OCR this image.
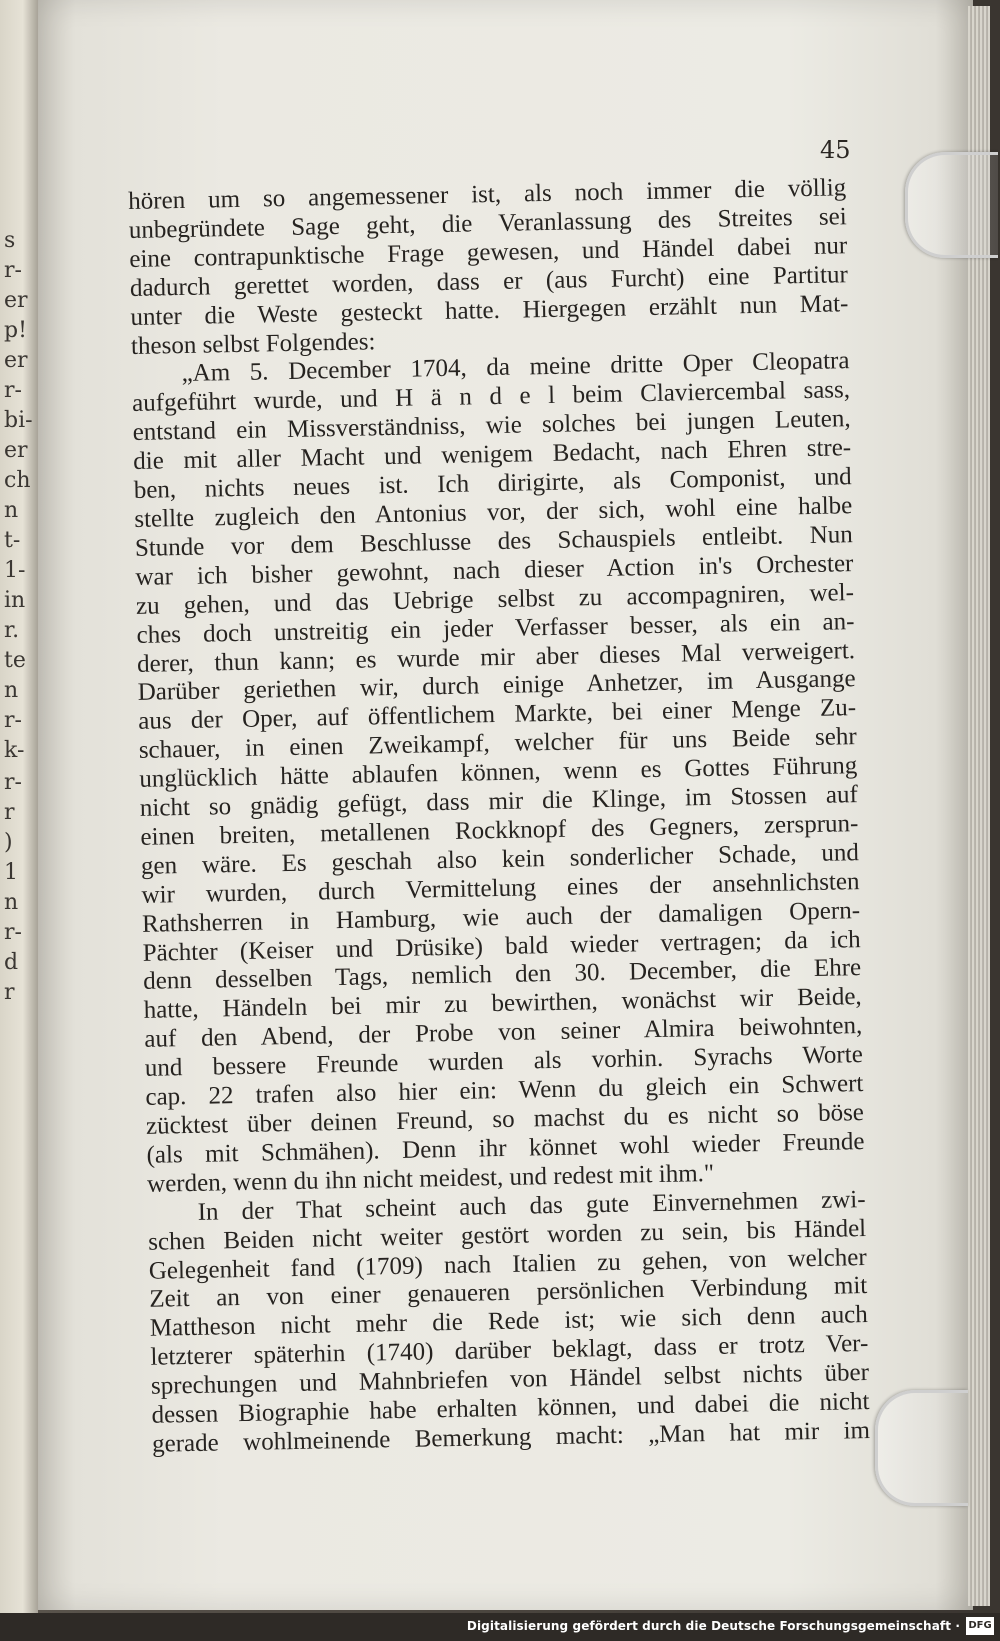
s
r-
er
p!
er
r-
bi-
er
ch
n
t-
1-
in
r.
te
n
r-
k-
r-
r
)
1
n
r-
d
r
45
hören um so angemessener ist, als noch immer die völlig
unbegründete Sage geht, die Veranlassung des Streites sei
eine contrapunktische Frage gewesen, und Händel dabei nur
dadurch gerettet worden, dass er (aus Furcht) eine Partitur
unter die Weste gesteckt hatte. Hiergegen erzählt nun Mat-
theson selbst Folgendes:
„Am 5. December 1704, da meine dritte Oper Cleopatra
aufgeführt wurde, und H ä n d e l beim Claviercembal sass,
entstand ein Missverständniss, wie solches bei jungen Leuten,
die mit aller Macht und wenigem Bedacht, nach Ehren stre-
ben, nichts neues ist. Ich dirigirte, als Componist, und
stellte zugleich den Antonius vor, der sich, wohl eine halbe
Stunde vor dem Beschlusse des Schauspiels entleibt. Nun
war ich bisher gewohnt, nach dieser Action in's Orchester
zu gehen, und das Uebrige selbst zu accompagniren, wel-
ches doch unstreitig ein jeder Verfasser besser, als ein an-
derer, thun kann; es wurde mir aber dieses Mal verweigert.
Darüber geriethen wir, durch einige Anhetzer, im Ausgange
aus der Oper, auf öffentlichem Markte, bei einer Menge Zu-
schauer, in einen Zweikampf, welcher für uns Beide sehr
unglücklich hätte ablaufen können, wenn es Gottes Führung
nicht so gnädig gefügt, dass mir die Klinge, im Stossen auf
einen breiten, metallenen Rockknopf des Gegners, zersprun-
gen wäre. Es geschah also kein sonderlicher Schade, und
wir wurden, durch Vermittelung eines der ansehnlichsten
Rathsherren in Hamburg, wie auch der damaligen Opern-
Pächter (Keiser und Drüsike) bald wieder vertragen; da ich
denn desselben Tags, nemlich den 30. December, die Ehre
hatte, Händeln bei mir zu bewirthen, wonächst wir Beide,
auf den Abend, der Probe von seiner Almira beiwohnten,
und bessere Freunde wurden als vorhin. Syrachs Worte
cap. 22 trafen also hier ein: Wenn du gleich ein Schwert
zücktest über deinen Freund, so machst du es nicht so böse
(als mit Schmähen). Denn ihr könnet wohl wieder Freunde
werden, wenn du ihn nicht meidest, und redest mit ihm."
In der That scheint auch das gute Einvernehmen zwi-
schen Beiden nicht weiter gestört worden zu sein, bis Händel
Gelegenheit fand (1709) nach Italien zu gehen, von welcher
Zeit an von einer genaueren persönlichen Verbindung mit
Mattheson nicht mehr die Rede ist; wie sich denn auch
letzterer späterhin (1740) darüber beklagt, dass er trotz Ver-
sprechungen und Mahnbriefen von Händel selbst nichts über
dessen Biographie habe erhalten können, und dabei die nicht
gerade wohlmeinende Bemerkung macht: „Man hat mir im
Digitalisierung gefördert durch die Deutsche Forschungsgemeinschaft · DFG
